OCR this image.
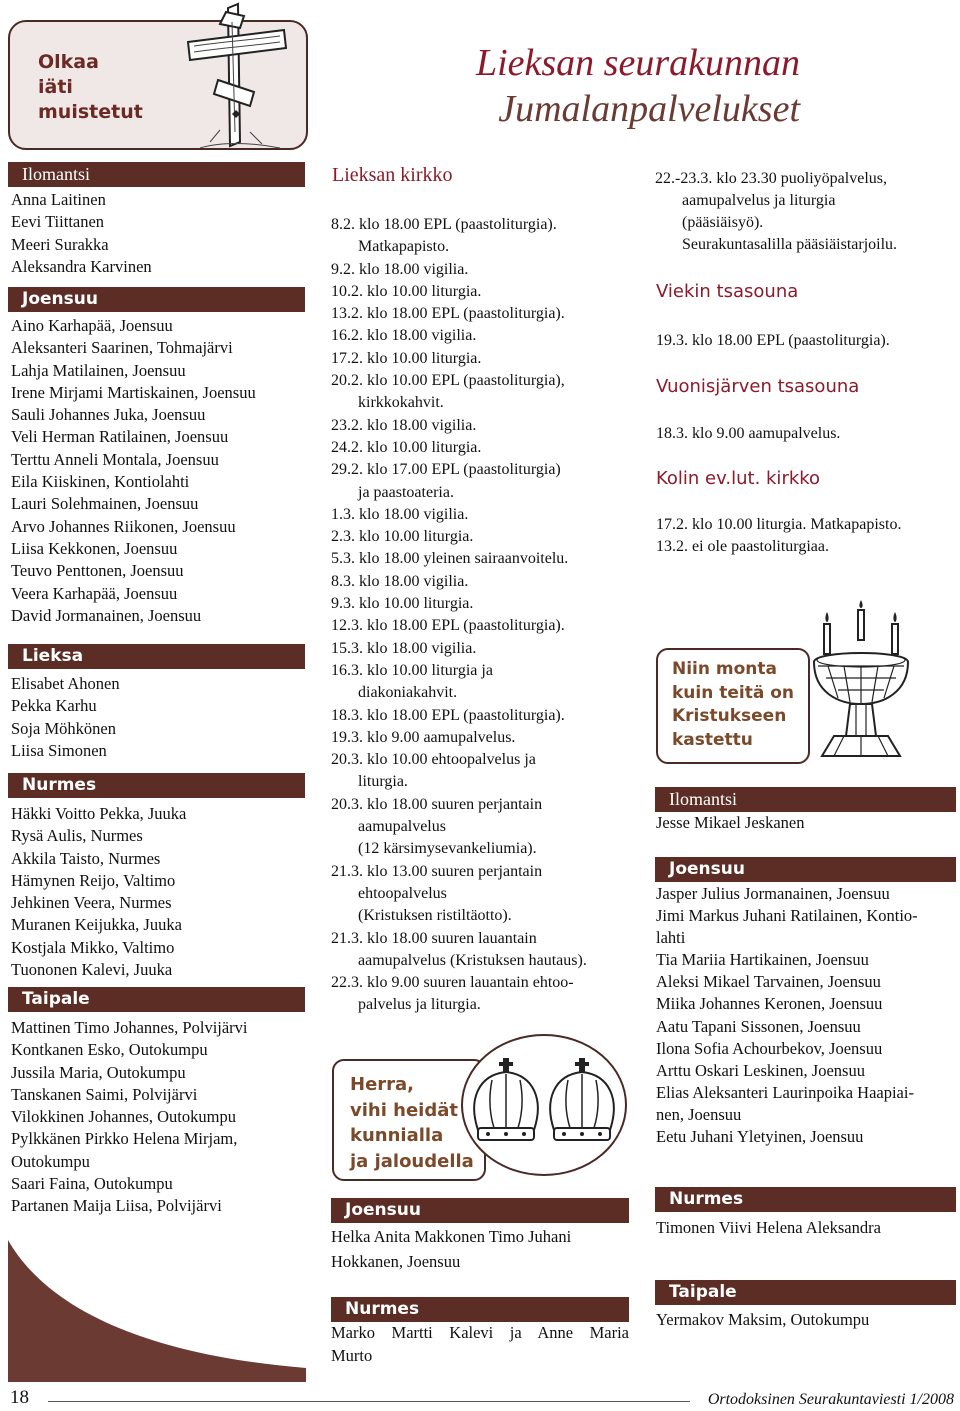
Olkaa
iäti
muistetut
Lieksan seurakunnan
Jumalanpalvelukset
Ilomantsi
Anna Laitinen
Eevi Tiittanen
Meeri Surakka
Aleksandra Karvinen
Joensuu
Aino Karhapää, Joensuu
Aleksanteri Saarinen, Tohmajärvi
Lahja Matilainen, Joensuu
Irene Mirjami Martiskainen, Joensuu
Sauli Johannes Juka, Joensuu
Veli Herman Ratilainen, Joensuu
Terttu Anneli Montala, Joensuu
Eila Kiiskinen, Kontiolahti
Lauri Solehmainen, Joensuu
Arvo Johannes Riikonen, Joensuu
Liisa Kekkonen, Joensuu
Teuvo Penttonen, Joensuu
Veera Karhapää, Joensuu
David Jormanainen, Joensuu
Lieksa
Elisabet Ahonen
Pekka Karhu
Soja Möhkönen
Liisa Simonen
Nurmes
Häkki Voitto Pekka, Juuka
Rysä Aulis, Nurmes
Akkila Taisto, Nurmes
Hämynen Reijo, Valtimo
Jehkinen Veera, Nurmes
Muranen Keijukka, Juuka
Kostjala Mikko, Valtimo
Tuononen Kalevi, Juuka
Taipale
Mattinen Timo Johannes, Polvijärvi
Kontkanen Esko, Outokumpu
Jussila Maria, Outokumpu
Tanskanen Saimi, Polvijärvi
Vilokkinen Johannes, Outokumpu
Pylkkänen Pirkko Helena Mirjam,
Outokumpu
Saari Faina, Outokumpu
Partanen Maija Liisa, Polvijärvi
Lieksan kirkko
8.2. klo 18.00 EPL (paastoliturgia).
Matkapapisto.
9.2. klo 18.00 vigilia.
10.2. klo 10.00 liturgia.
13.2. klo 18.00 EPL (paastoliturgia).
16.2. klo 18.00 vigilia.
17.2. klo 10.00 liturgia.
20.2. klo 10.00 EPL (paastoliturgia),
kirkkokahvit.
23.2. klo 18.00 vigilia.
24.2. klo 10.00 liturgia.
29.2. klo 17.00 EPL (paastoliturgia)
ja paastoateria.
1.3. klo 18.00 vigilia.
2.3. klo 10.00 liturgia.
5.3. klo 18.00 yleinen sairaanvoitelu.
8.3. klo 18.00 vigilia.
9.3. klo 10.00 liturgia.
12.3. klo 18.00 EPL (paastoliturgia).
15.3. klo 18.00 vigilia.
16.3. klo 10.00 liturgia ja
diakoniakahvit.
18.3. klo 18.00 EPL (paastoliturgia).
19.3. klo 9.00 aamupalvelus.
20.3. klo 10.00 ehtoopalvelus ja
liturgia.
20.3. klo 18.00 suuren perjantain
aamupalvelus
(12 kärsimysevankeliumia).
21.3. klo 13.00 suuren perjantain
ehtoopalvelus
(Kristuksen ristiltäotto).
21.3. klo 18.00 suuren lauantain
aamupalvelus (Kristuksen hautaus).
22.3. klo 9.00 suuren lauantain ehtoo-
palvelus ja liturgia.
Herra,
vihi heidät
kunnialla
ja jaloudella
Joensuu
Helka Anita Makkonen Timo Juhani
Hokkanen, Joensuu
Nurmes
Marko Martti Kalevi ja Anne Maria
Murto
22.-23.3. klo 23.30 puoliyöpalvelus,
aamupalvelus ja liturgia
(pääsiäisyö).
Seurakuntasalilla pääsiäistarjoilu.
Viekin tsasouna
19.3. klo 18.00 EPL (paastoliturgia).
Vuonisjärven tsasouna
18.3. klo 9.00 aamupalvelus.
Kolin ev.lut. kirkko
17.2. klo 10.00 liturgia. Matkapapisto.
13.2. ei ole paastoliturgiaa.
Niin monta
kuin teitä on
Kristukseen
kastettu
Ilomantsi
Jesse Mikael Jeskanen
Joensuu
Jasper Julius Jormanainen, Joensuu
Jimi Markus Juhani Ratilainen, Kontio-
lahti
Tia Mariia Hartikainen, Joensuu
Aleksi Mikael Tarvainen, Joensuu
Miika Johannes Keronen, Joensuu
Aatu Tapani Sissonen, Joensuu
Ilona Sofia Achourbekov, Joensuu
Arttu Oskari Leskinen, Joensuu
Elias Aleksanteri Laurinpoika Haapiai-
nen, Joensuu
Eetu Juhani Yletyinen, Joensuu
Nurmes
Timonen Viivi Helena Aleksandra
Taipale
Yermakov Maksim, Outokumpu
18	Ortodoksinen Seurakuntaviesti 1/2008
